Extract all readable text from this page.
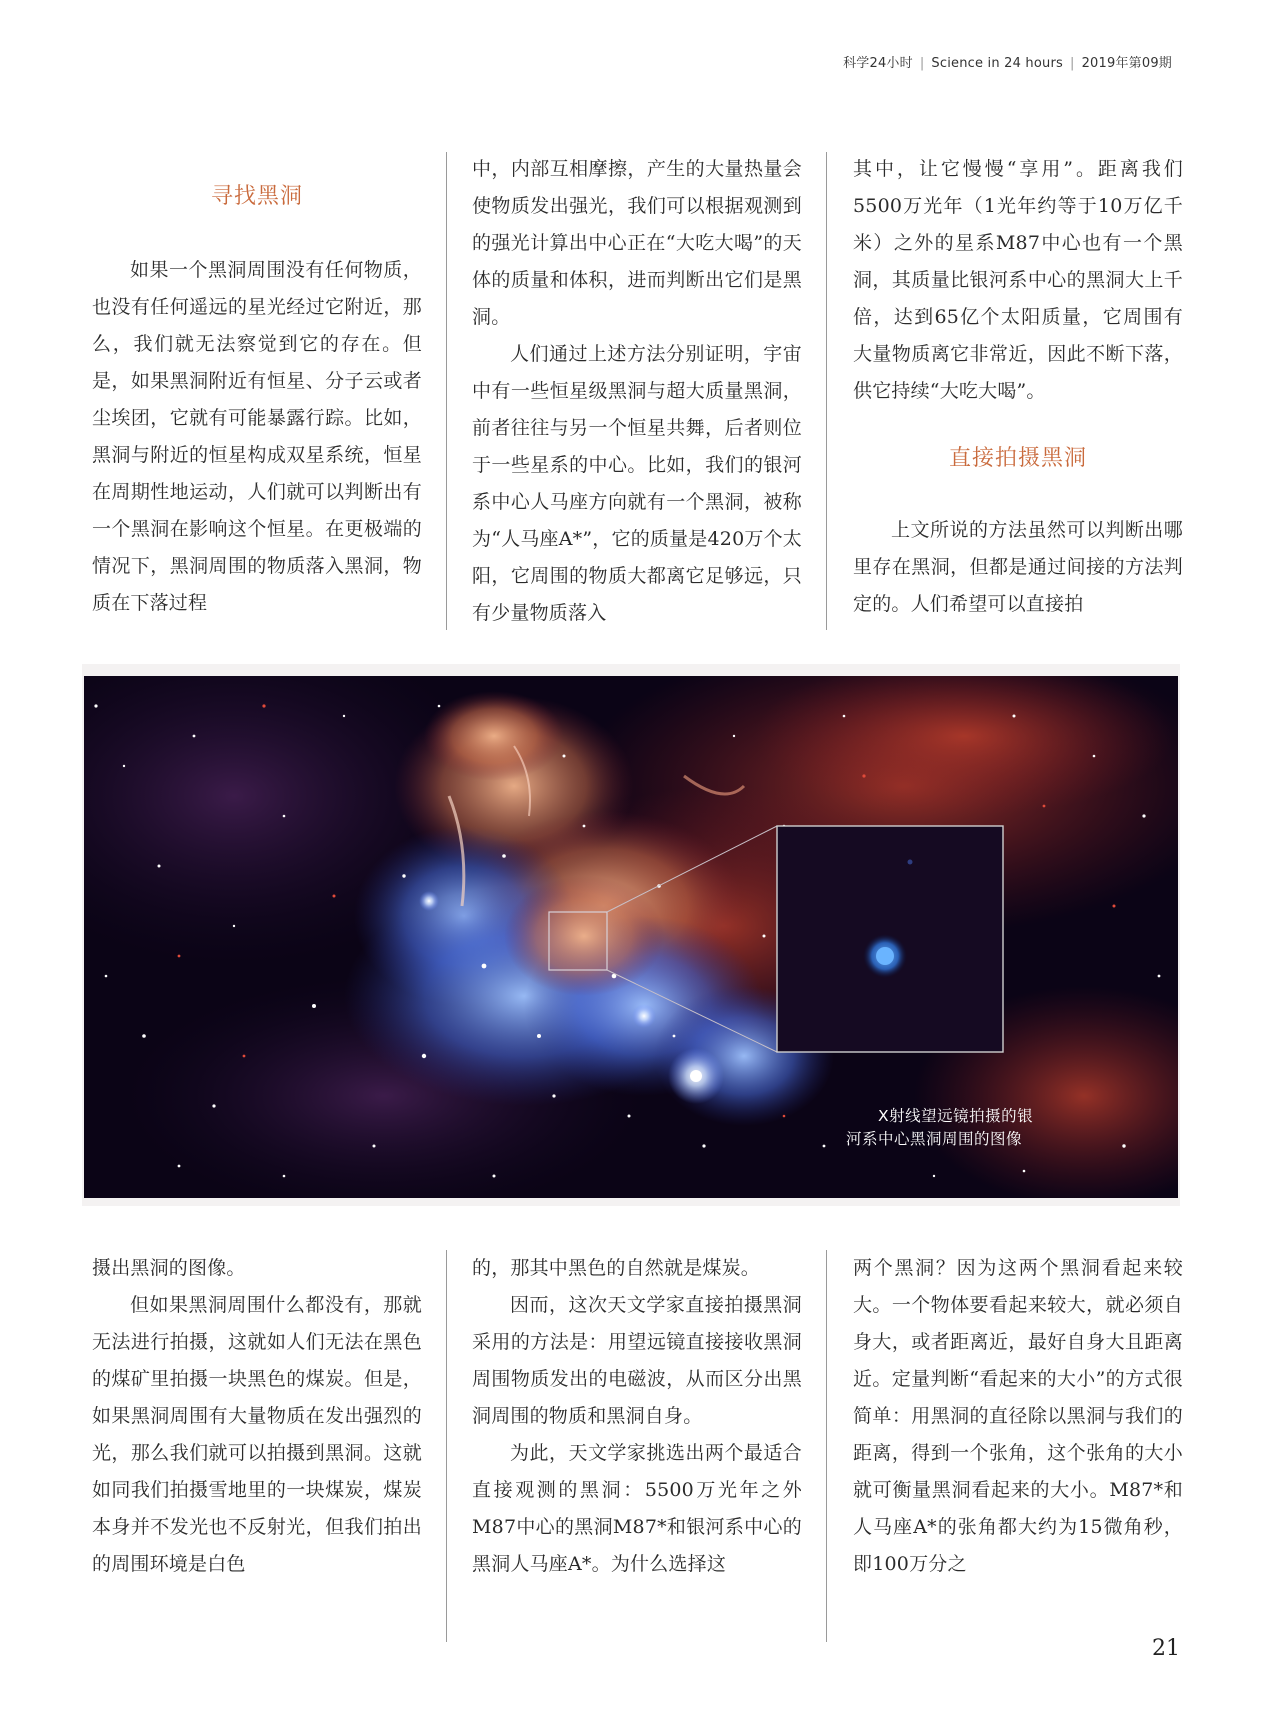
科学24小时 | Science in 24 hours | 2019年第09期
寻找黑洞

如果一个黑洞周围没有任何物质，也没有任何遥远的星光经过它附近，那么，我们就无法察觉到它的存在。但是，如果黑洞附近有恒星、分子云或者尘埃团，它就有可能暴露行踪。比如，黑洞与附近的恒星构成双星系统，恒星在周期性地运动，人们就可以判断出有一个黑洞在影响这个恒星。在更极端的情况下，黑洞周围的物质落入黑洞，物质在下落过程

中，内部互相摩擦，产生的大量热量会使物质发出强光，我们可以根据观测到的强光计算出中心正在“大吃大喝”的天体的质量和体积，进而判断出它们是黑洞。

人们通过上述方法分别证明，宇宙中有一些恒星级黑洞与超大质量黑洞，前者往往与另一个恒星共舞，后者则位于一些星系的中心。比如，我们的银河系中心人马座方向就有一个黑洞，被称为“人马座A*”，它的质量是420万个太阳，它周围的物质大都离它足够远，只有少量物质落入

其中，让它慢慢“享用”。距离我们5500万光年（1光年约等于10万亿千米）之外的星系M87中心也有一个黑洞，其质量比银河系中心的黑洞大上千倍，达到65亿个太阳质量，它周围有大量物质离它非常近，因此不断下落，供它持续“大吃大喝”。

直接拍摄黑洞

上文所说的方法虽然可以判断出哪里存在黑洞，但都是通过间接的方法判定的。人们希望可以直接拍

X射线望远镜拍摄的银
河系中心黑洞周围的图像

摄出黑洞的图像。

但如果黑洞周围什么都没有，那就无法进行拍摄，这就如人们无法在黑色的煤矿里拍摄一块黑色的煤炭。但是，如果黑洞周围有大量物质在发出强烈的光，那么我们就可以拍摄到黑洞。这就如同我们拍摄雪地里的一块煤炭，煤炭本身并不发光也不反射光，但我们拍出的周围环境是白色

的，那其中黑色的自然就是煤炭。

因而，这次天文学家直接拍摄黑洞采用的方法是：用望远镜直接接收黑洞周围物质发出的电磁波，从而区分出黑洞周围的物质和黑洞自身。

为此，天文学家挑选出两个最适合直接观测的黑洞：5500万光年之外M87中心的黑洞M87*和银河系中心的黑洞人马座A*。为什么选择这

两个黑洞？因为这两个黑洞看起来较大。一个物体要看起来较大，就必须自身大，或者距离近，最好自身大且距离近。定量判断“看起来的大小”的方式很简单：用黑洞的直径除以黑洞与我们的距离，得到一个张角，这个张角的大小就可衡量黑洞看起来的大小。M87*和人马座A*的张角都大约为15微角秒，即100万分之

21
